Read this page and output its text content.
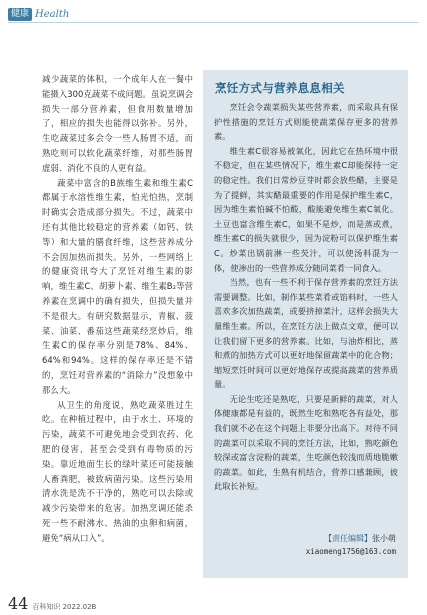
健康 Health

减少蔬菜的体积，一个成年人在一餐中能摄入300克蔬菜不成问题。虽说烹调会损失一部分营养素，但食用数量增加了，相应的损失也能得以弥补。另外，生吃蔬菜过多会令一些人肠胃不适，而熟吃则可以软化蔬菜纤维，对那些肠胃虚弱、消化不良的人更有益。

蔬菜中富含的B族维生素和维生素C都属于水溶性维生素，怕光怕热，烹制时确实会造成部分损失。不过，蔬菜中还有其他比较稳定的营养素（如钙、铁等）和大量的膳食纤维，这些营养成分不会因加热而损失。另外，一些网络上的健康资讯夸大了烹饪对维生素的影响，维生素C、胡萝卜素、维生素B₂等营养素在烹调中的确有损失，但损失量并不是很大。有研究数据显示，青椒、菠菜、油菜、番茄这些蔬菜经烹炒后，维生素C的保存率分别是78%、84%、64%和94%。这样的保存率还是不错的，烹饪对营养素的“消除力”没想象中那么大。

从卫生的角度说，熟吃蔬菜胜过生吃。在种植过程中，由于水土、环境的污染，蔬菜不可避免地会受到农药、化肥的侵害，甚至会受到有毒物质的污染。靠近地面生长的绿叶菜还可能接触人畜粪肥，被致病菌污染。这些污染用清水洗是洗不干净的，熟吃可以去除或减少污染带来的危害。加热烹调还能杀死一些不耐沸水、热油的虫卵和病菌，避免“病从口入”。

烹饪方式与营养息息相关

烹饪会令蔬菜损失某些营养素，而采取具有保护性措施的烹饪方式则能使蔬菜保存更多的营养素。

维生素C很容易被氧化，因此它在热环境中很不稳定，但在某些情况下，维生素C却能保持一定的稳定性。我们日常炒豆芽时都会放些醋，主要是为了提鲜，其实醋最重要的作用是保护维生素C，因为维生素怕碱不怕酸，酸能避免维生素C氧化。土豆也富含维生素C，如果不是炒，而是蒸或煮，维生素C的损失就很少，因为淀粉可以保护维生素C。炒菜出锅前淋一些芡汁，可以使汤料混为一体，使渗出的一些营养成分随同菜肴一同食入。

当然，也有一些不利于保存营养素的烹饪方法需要调整。比如，制作某些菜肴或馅料时，一些人喜欢多次加热蔬菜，或要挤掉菜汁，这样会损失大量维生素。所以，在烹饪方法上做点文章，便可以让我们留下更多的营养素。比如，与油炸相比，蒸和煮的加热方式可以更好地保留蔬菜中的化合物；缩短烹饪时间可以更好地保存或提高蔬菜的营养质量。

无论生吃还是熟吃，只要是新鲜的蔬菜，对人体健康都是有益的，既然生吃和熟吃各有益处，那我们就不必在这个问题上非要分出高下。对待不同的蔬菜可以采取不同的烹饪方法，比如，熟吃颜色较深或富含淀粉的蔬菜，生吃颜色较浅而质地脆嫩的蔬菜。如此，生熟有机结合，营养口感兼顾，彼此取长补短。

【责任编辑】张小萌
xiaomeng1756@163.com
44 百科知识 2022.02B
